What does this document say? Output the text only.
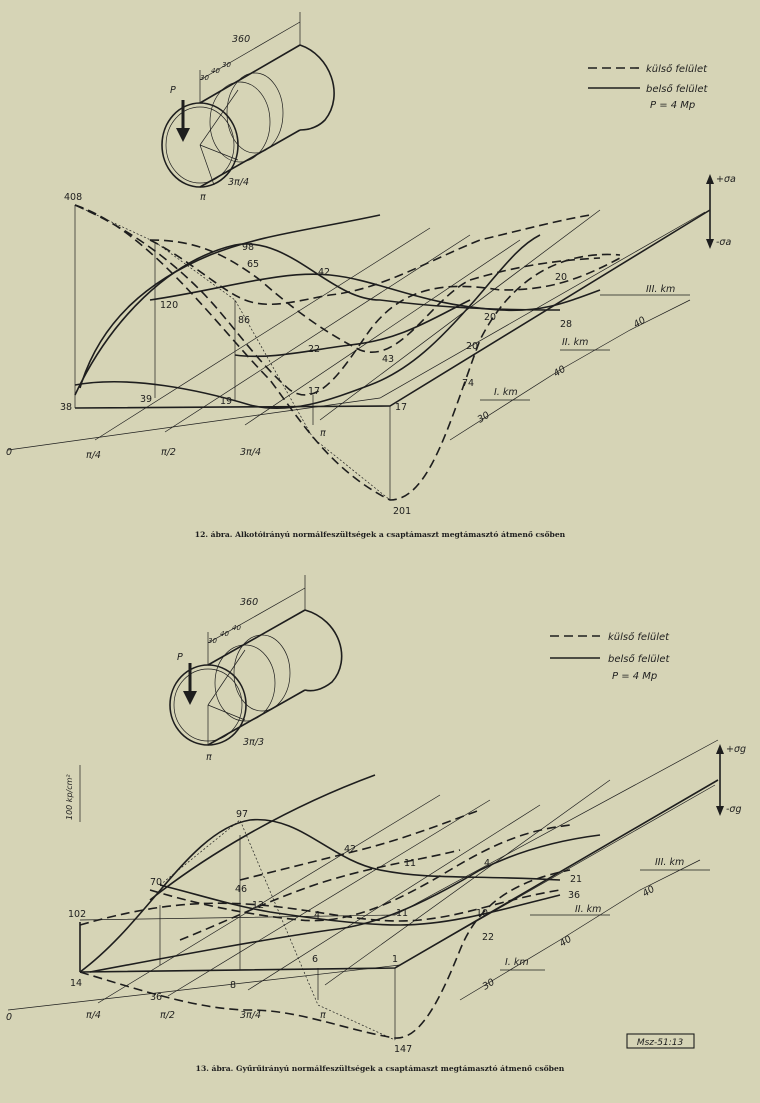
külső felület
belső felület
P = 4 Mp
360
30
40
30
P
π
3π/4	+σa
-σa
I. km
II. km
III. km
30
40
40
0	π/4	π/2	3π/4
π
408
98
65
42
120
86
22
43
20
20
20
28
74
38
39	19
17
17
201
12. ábra. Alkotóirányú normálfeszültségek a csaptámaszt megtámasztó átmenő csőben
külső felület
belső felület
P = 4 Mp
360
30
40
40
P
π
3π/3
+σg
-σg
100 kp/cm²
I. km
II. km
III. km
30
40
40
0	π/4	π/2	3π/4	π
97
42
70
46
11	4
21
36
102
12
4	11	10
22
14
36
8
6	1
147
Msz-51:13
13. ábra. Gyűrűirányú normálfeszültségek a csaptámaszt megtámasztó átmenő csőben
